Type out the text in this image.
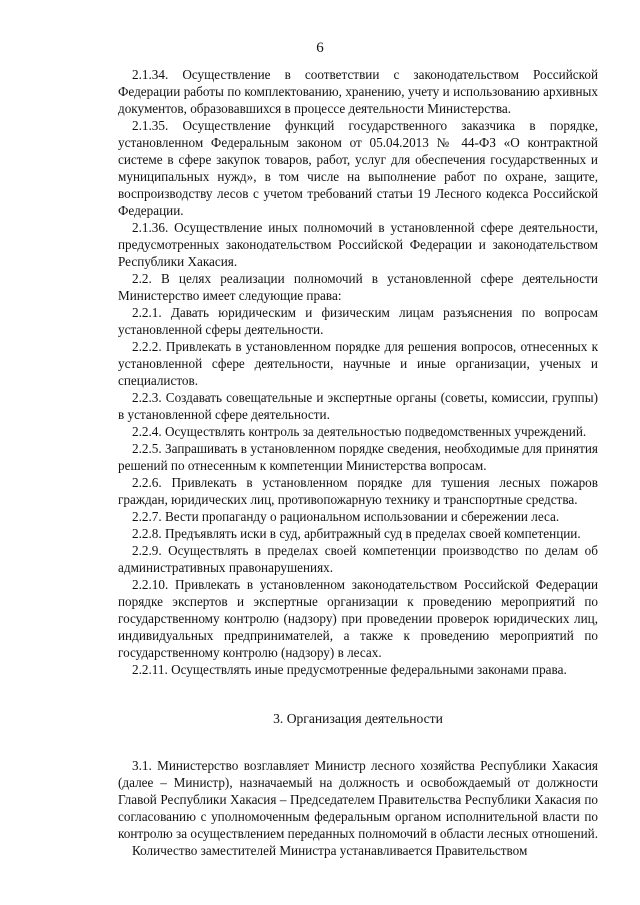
6

2.1.34. Осуществление в соответствии с законодательством Российской Федерации работы по комплектованию, хранению, учету и использованию архивных документов, образовавшихся в процессе деятельности Министерства.

2.1.35. Осуществление функций государственного заказчика в порядке, установленном Федеральным законом от 05.04.2013 № 44-ФЗ «О контрактной системе в сфере закупок товаров, работ, услуг для обеспечения государственных и муниципальных нужд», в том числе на выполнение работ по охране, защите, воспроизводству лесов с учетом требований статьи 19 Лесного кодекса Российской Федерации.

2.1.36. Осуществление иных полномочий в установленной сфере деятельности, предусмотренных законодательством Российской Федерации и законодательством Республики Хакасия.

2.2. В целях реализации полномочий в установленной сфере деятельности Министерство имеет следующие права:

2.2.1. Давать юридическим и физическим лицам разъяснения по вопросам установленной сферы деятельности.

2.2.2. Привлекать в установленном порядке для решения вопросов, отнесенных к установленной сфере деятельности, научные и иные организации, ученых и специалистов.

2.2.3. Создавать совещательные и экспертные органы (советы, комиссии, группы) в установленной сфере деятельности.

2.2.4. Осуществлять контроль за деятельностью подведомственных учреждений.

2.2.5. Запрашивать в установленном порядке сведения, необходимые для принятия решений по отнесенным к компетенции Министерства вопросам.

2.2.6. Привлекать в установленном порядке для тушения лесных пожаров граждан, юридических лиц, противопожарную технику и транспортные средства.

2.2.7. Вести пропаганду о рациональном использовании и сбережении леса.

2.2.8. Предъявлять иски в суд, арбитражный суд в пределах своей компетенции.

2.2.9. Осуществлять в пределах своей компетенции производство по делам об административных правонарушениях.

2.2.10. Привлекать в установленном законодательством Российской Федерации порядке экспертов и экспертные организации к проведению мероприятий по государственному контролю (надзору) при проведении проверок юридических лиц, индивидуальных предпринимателей, а также к проведению мероприятий по государственному контролю (надзору) в лесах.

2.2.11. Осуществлять иные предусмотренные федеральными законами права.

3. Организация деятельности

3.1. Министерство возглавляет Министр лесного хозяйства Республики Хакасия (далее – Министр), назначаемый на должность и освобождаемый от должности Главой Республики Хакасия – Председателем Правительства Республики Хакасия по согласованию с уполномоченным федеральным органом исполнительной власти по контролю за осуществлением переданных полномочий в области лесных отношений.

Количество заместителей Министра устанавливается Правительством
